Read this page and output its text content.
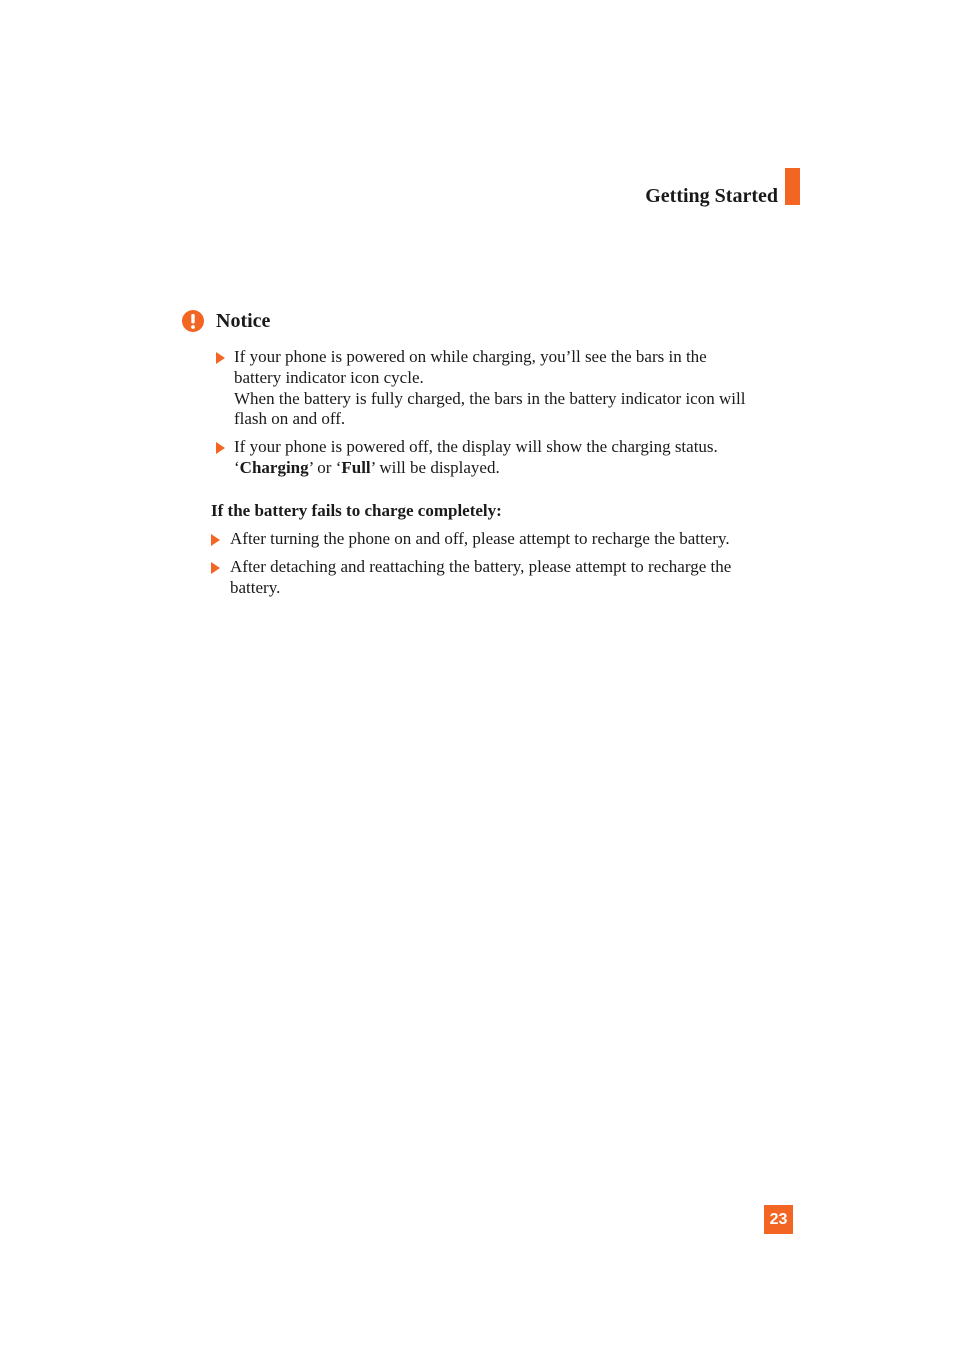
Getting Started
Notice
If your phone is powered on while charging, you’ll see the bars in the
battery indicator icon cycle.
When the battery is fully charged, the bars in the battery indicator icon will
flash on and off.
If your phone is powered off, the display will show the charging status.
‘Charging’ or ‘Full’ will be displayed.
If the battery fails to charge completely:
After turning the phone on and off, please attempt to recharge the battery.
After detaching and reattaching the battery, please attempt to recharge the
battery.
23
